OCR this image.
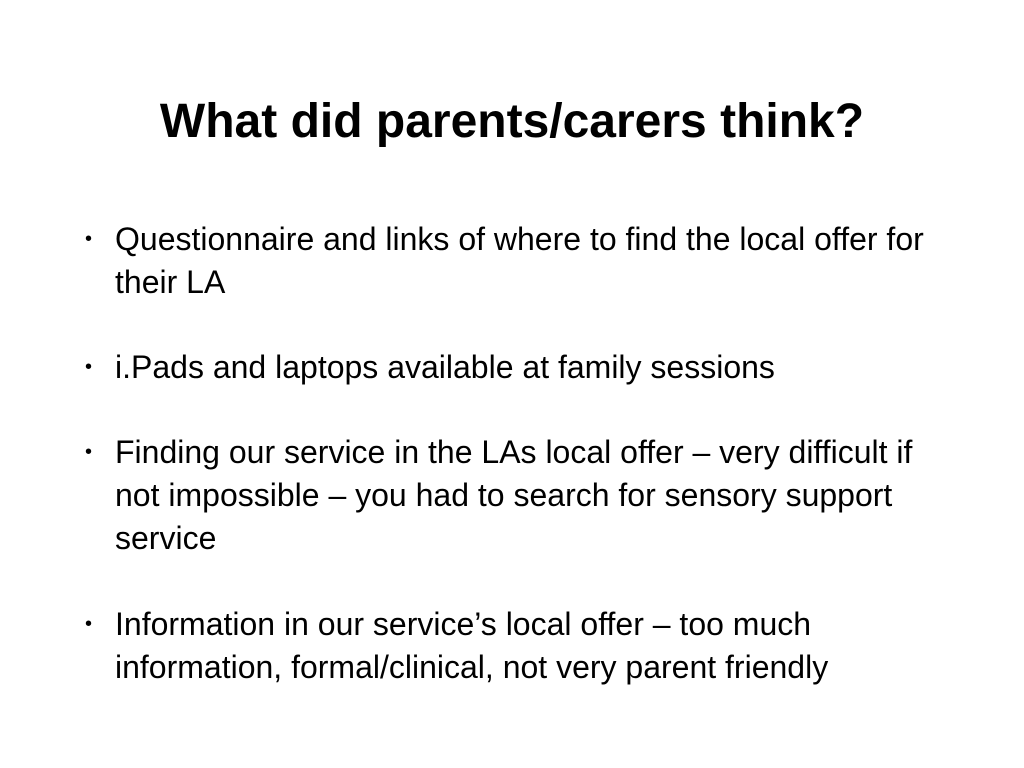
What did parents/carers think?
• Questionnaire and links of where to find the local offer for their LA
• i.Pads and laptops available at family sessions
• Finding our service in the LAs local offer – very difficult if not impossible – you had to search for sensory support service
• Information in our service’s local offer – too much information, formal/clinical, not very parent friendly
